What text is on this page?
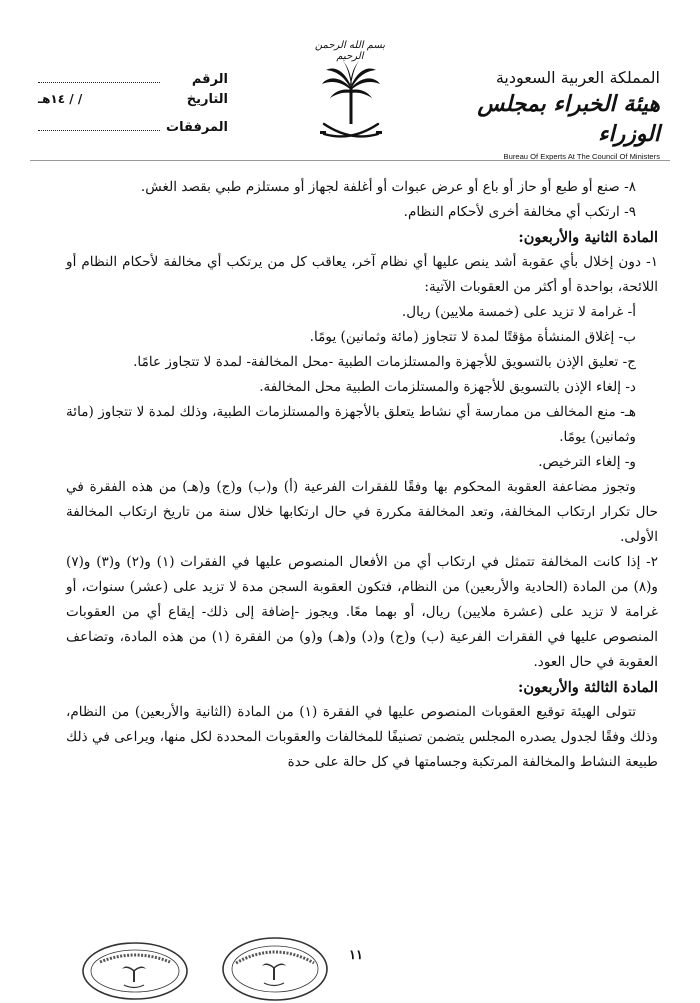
الرقم
التاريخ
/ / ١٤هـ
المرفقات
بسم الله الرحمن الرحيم
المملكة العربية السعودية
هيئة الخبراء بمجلس الوزراء
Bureau Of Experts At The Council Of Ministers

٨- صنع أو طبع أو حاز أو باع أو عرض عبوات أو أغلفة لجهاز أو مستلزم طبي بقصد الغش.

٩- ارتكب أي مخالفة أخرى لأحكام النظام.

المادة الثانية والأربعون:

١- دون إخلال بأي عقوبة أشد ينص عليها أي نظام آخر، يعاقب كل من يرتكب أي مخالفة لأحكام النظام أو اللائحة، بواحدة أو أكثر من العقوبات الآتية:

أ- غرامة لا تزيد على (خمسة ملايين) ريال.

ب- إغلاق المنشأة مؤقتًا لمدة لا تتجاوز (مائة وثمانين) يومًا.

ج- تعليق الإذن بالتسويق للأجهزة والمستلزمات الطبية -محل المخالفة- لمدة لا تتجاوز عامًا.

د- إلغاء الإذن بالتسويق للأجهزة والمستلزمات الطبية محل المخالفة.

هـ- منع المخالف من ممارسة أي نشاط يتعلق بالأجهزة والمستلزمات الطبية، وذلك لمدة لا تتجاوز (مائة وثمانين) يومًا.

و- إلغاء الترخيص.

وتجوز مضاعفة العقوبة المحكوم بها وفقًا للفقرات الفرعية (أ) و(ب) و(ج) و(هـ) من هذه الفقرة في حال تكرار ارتكاب المخالفة، وتعد المخالفة مكررة في حال ارتكابها خلال سنة من تاريخ ارتكاب المخالفة الأولى.

٢- إذا كانت المخالفة تتمثل في ارتكاب أي من الأفعال المنصوص عليها في الفقرات (١) و(٢) و(٣) و(٧) و(٨) من المادة (الحادية والأربعين) من النظام، فتكون العقوبة السجن مدة لا تزيد على (عشر) سنوات، أو غرامة لا تزيد على (عشرة ملايين) ريال، أو بهما معًا. ويجوز -إضافة إلى ذلك- إيقاع أي من العقوبات المنصوص عليها في الفقرات الفرعية (ب) و(ج) و(د) و(هـ) و(و) من الفقرة (١) من هذه المادة، وتضاعف العقوبة في حال العود.

المادة الثالثة والأربعون:

تتولى الهيئة توقيع العقوبات المنصوص عليها في الفقرة (١) من المادة (الثانية والأربعين) من النظام، وذلك وفقًا لجدول يصدره المجلس يتضمن تصنيفًا للمخالفات والعقوبات المحددة لكل منها، ويراعى في ذلك طبيعة النشاط والمخالفة المرتكبة وجسامتها في كل حالة على حدة

١١
